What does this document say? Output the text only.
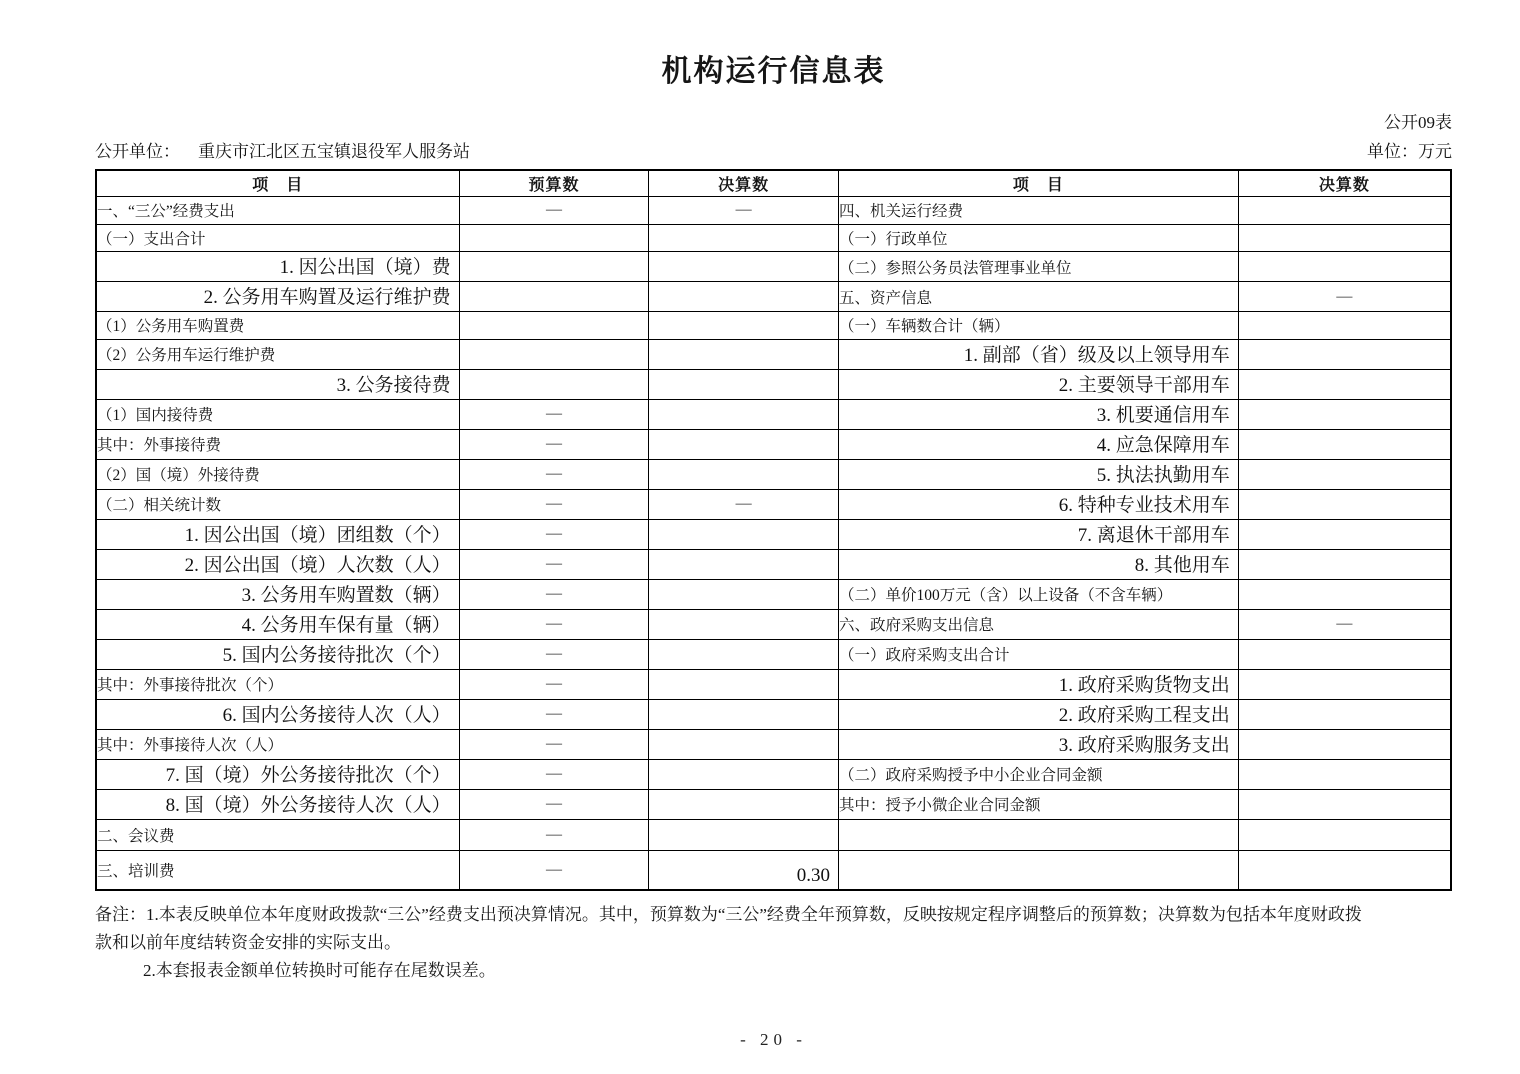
机构运行信息表
公开09表
公开单位： 重庆市江北区五宝镇退役军人服务站	单位：万元
项　目	预算数	决算数	项　目	决算数
一、“三公”经费支出	—	—	四、机关运行经费	
（一）支出合计			（一）行政单位	
1. 因公出国（境）费			（二）参照公务员法管理事业单位	
2. 公务用车购置及运行维护费			五、资产信息	—
（1）公务用车购置费			（一）车辆数合计（辆）	
（2）公务用车运行维护费			1. 副部（省）级及以上领导用车	
3. 公务接待费			2. 主要领导干部用车	
（1）国内接待费	—		3. 机要通信用车	
其中：外事接待费	—		4. 应急保障用车	
（2）国（境）外接待费	—		5. 执法执勤用车	
（二）相关统计数	—	—	6. 特种专业技术用车	
1. 因公出国（境）团组数（个）	—		7. 离退休干部用车	
2. 因公出国（境）人次数（人）	—		8. 其他用车	
3. 公务用车购置数（辆）	—		（二）单价100万元（含）以上设备（不含车辆）	
4. 公务用车保有量（辆）	—		六、政府采购支出信息	—
5. 国内公务接待批次（个）	—		（一）政府采购支出合计	
其中：外事接待批次（个）	—		1. 政府采购货物支出	
6. 国内公务接待人次（人）	—		2. 政府采购工程支出	
其中：外事接待人次（人）	—		3. 政府采购服务支出	
7. 国（境）外公务接待批次（个）	—		（二）政府采购授予中小企业合同金额	
8. 国（境）外公务接待人次（人）	—		其中：授予小微企业合同金额	
二、会议费	—			
三、培训费	—	0.30		
备注：1.本表反映单位本年度财政拨款“三公”经费支出预决算情况。其中，预算数为“三公”经费全年预算数，反映按规定程序调整后的预算数；决算数为包括本年度财政拨
款和以前年度结转资金安排的实际支出。
2.本套报表金额单位转换时可能存在尾数误差。
- 20 -
